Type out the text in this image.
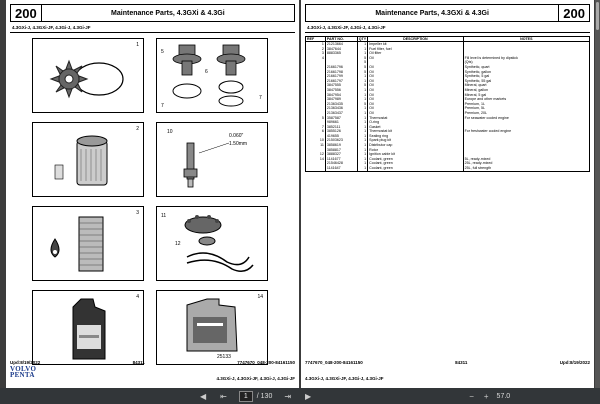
200	Maintenance Parts, 4.3GXi & 4.3Gi
4.3GXi-J, 4.3GXi-JF, 4.3Gi-J, 4.3Gi-JF
1
5
6
7
7
2	10
0.060"
1.50mm
3	11
12
4	14
25133
Upd:8/19/2022	84311	7747670_048-200-84161150
VOLVO
PENTA	4.3GXi-J, 4.3GXi-JF, 4.3Gi-J, 4.3Gi-JF
Maintenance Parts, 4.3GXi & 4.3Gi	200
4.3GXi-J, 4.3GXi-JF, 4.3Gi-J, 4.3Gi-JF
REF	PART NO.	QTY	DESCRIPTION	NOTES
1	21213664	1	Impeller kit	
2	3847644	1	Fuel filter, fuel	
3	8883365	1	Oil filter	
4		5	Oil	Fill level is determined by dipstick
		5		(Qts)
	21661796	5	Oil	Synthetic, quart
	21661798	5	Oil	Synthetic, gallon
	21661799	1	Oil	Synthetic, 5 gal
	21661797	1	Oil	Synthetic, 55 gal
	3847555	5	Oil	Mineral, quart
	3847556	1	Oil	Mineral, gallon
	3847954	1	Oil	Mineral, 5 gal
	3847989	1	Oil	Europe and other markets
	21363435	5	Oil	Premium, 1L
	21363436	1	Oil	Premium, 5L
	21363437	1	Oil	Premium, 20L
5	3587587	1	Thermostat	For seawater cooled engine
	989661	1	O-ring	
7	3852111	1	Gasket	
6	3855126	1	Thermostat kit	For freshwater cooled engine
	419655	1	Sealing ring	
10	21503623	1	Spark plug kit	
11	3858619	1	Distributor cap	
	3858817	1	Rotor	
12	3888327	1	Ignition cable kit	
14	1141677	1	Coolant, green	5L, ready-mixed
	21546428	1	Coolant, green	25L, ready-mixed
	1141647	1	Coolant, green	25L, full strength
7747670_048-200-84161150	84311	Upd:8/19/2022
4.3GXi-J, 4.3GXi-JF, 4.3Gi-J, 4.3Gi-JF
◀ ⇤	1	/ 130 ⇥ ▶	− + 57.0
